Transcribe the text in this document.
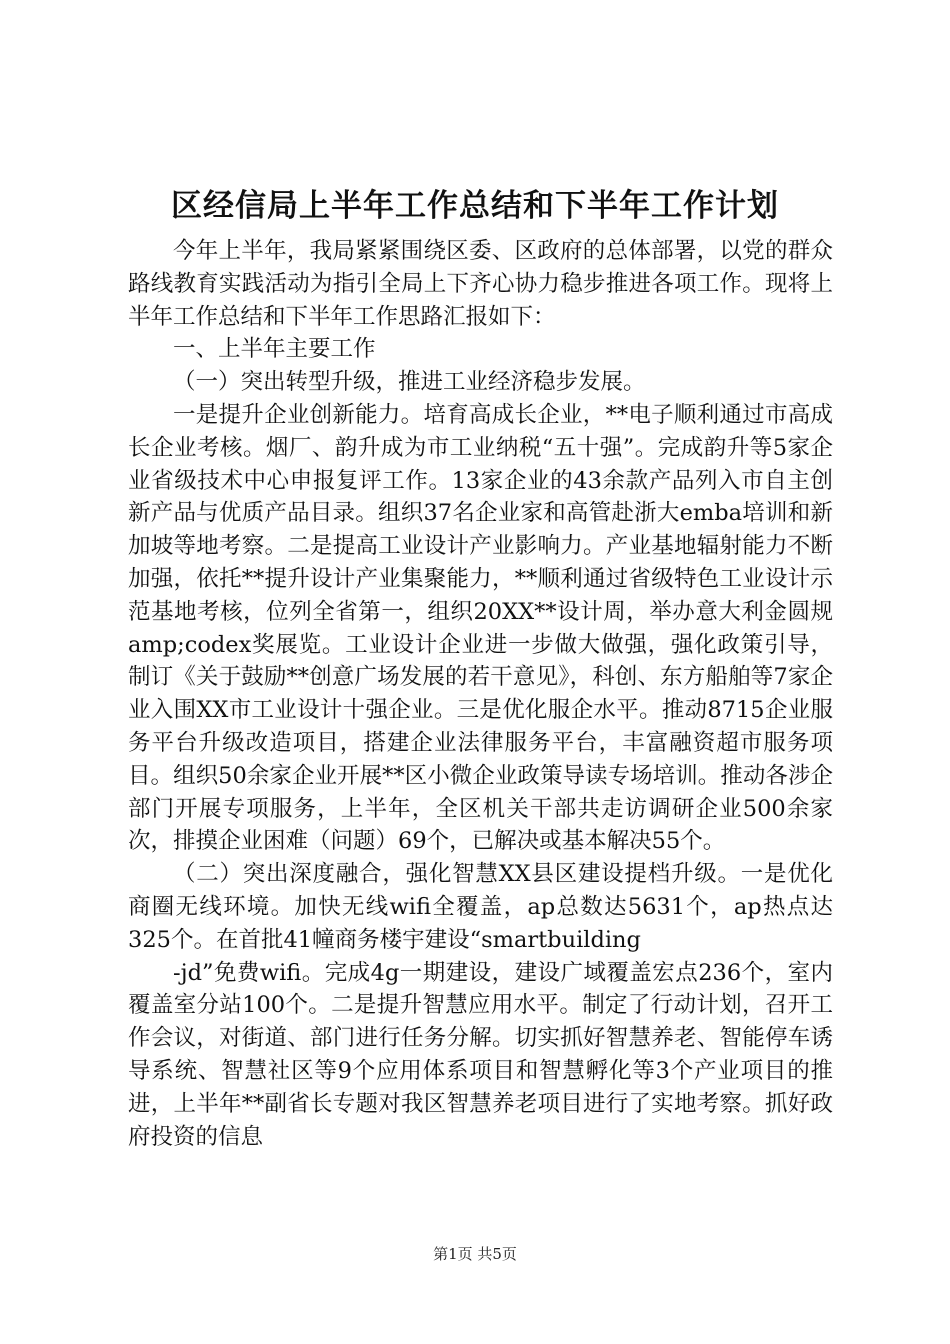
区经信局上半年工作总结和下半年工作计划

今年上半年，我局紧紧围绕区委、区政府的总体部署，以党的群众路线教育实践活动为指引全局上下齐心协力稳步推进各项工作。现将上半年工作总结和下半年工作思路汇报如下：

一、上半年主要工作

（一）突出转型升级，推进工业经济稳步发展。

一是提升企业创新能力。培育高成长企业，**电子顺利通过市高成长企业考核。烟厂、韵升成为市工业纳税“五十强”。完成韵升等5家企业省级技术中心申报复评工作。13家企业的43余款产品列入市自主创新产品与优质产品目录。组织37名企业家和高管赴浙大emba培训和新加坡等地考察。二是提高工业设计产业影响力。产业基地辐射能力不断加强，依托**提升设计产业集聚能力，**顺利通过省级特色工业设计示范基地考核，位列全省第一，组织20XX**设计周，举办意大利金圆规amp;codex奖展览。工业设计企业进一步做大做强，强化政策引导，制订《关于鼓励**创意广场发展的若干意见》，科创、东方船舶等7家企业入围XX市工业设计十强企业。三是优化服企水平。推动8715企业服务平台升级改造项目，搭建企业法律服务平台，丰富融资超市服务项目。组织50余家企业开展**区小微企业政策导读专场培训。推动各涉企部门开展专项服务，上半年，全区机关干部共走访调研企业500余家次，排摸企业困难（问题）69个，已解决或基本解决55个。

（二）突出深度融合，强化智慧XX县区建设提档升级。一是优化商圈无线环境。加快无线wifi全覆盖，ap总数达5631个，ap热点达325个。在首批41幢商务楼宇建设“smartbuilding

-jd”免费wifi。完成4g一期建设，建设广域覆盖宏点236个，室内覆盖室分站100个。二是提升智慧应用水平。制定了行动计划，召开工作会议，对街道、部门进行任务分解。切实抓好智慧养老、智能停车诱导系统、智慧社区等9个应用体系项目和智慧孵化等3个产业项目的推进，上半年**副省长专题对我区智慧养老项目进行了实地考察。抓好政府投资的信息

第1页 共5页
